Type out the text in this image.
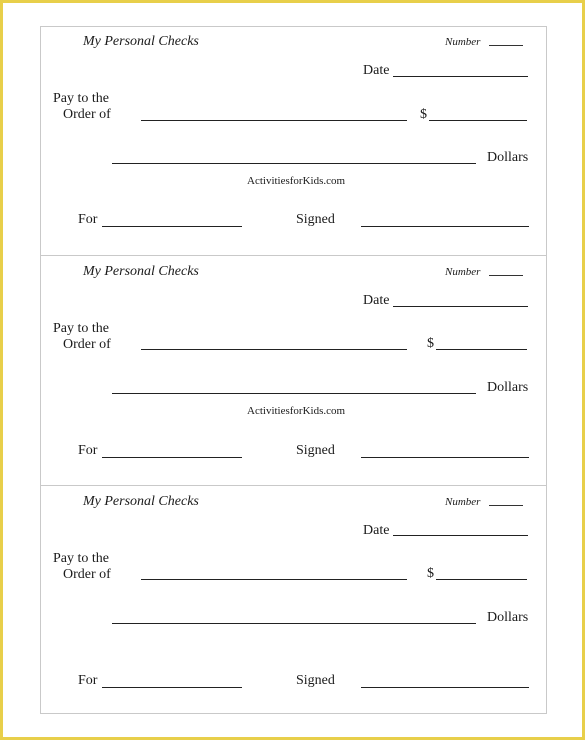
My Personal Checks	Number
Date
Pay to the
Order of	$
Dollars
ActivitiesforKids.com
For	Signed
My Personal Checks	Number
Date
Pay to the
Order of	$
Dollars
ActivitiesforKids.com
For	Signed
My Personal Checks	Number
Date
Pay to the
Order of	$
Dollars
For	Signed
